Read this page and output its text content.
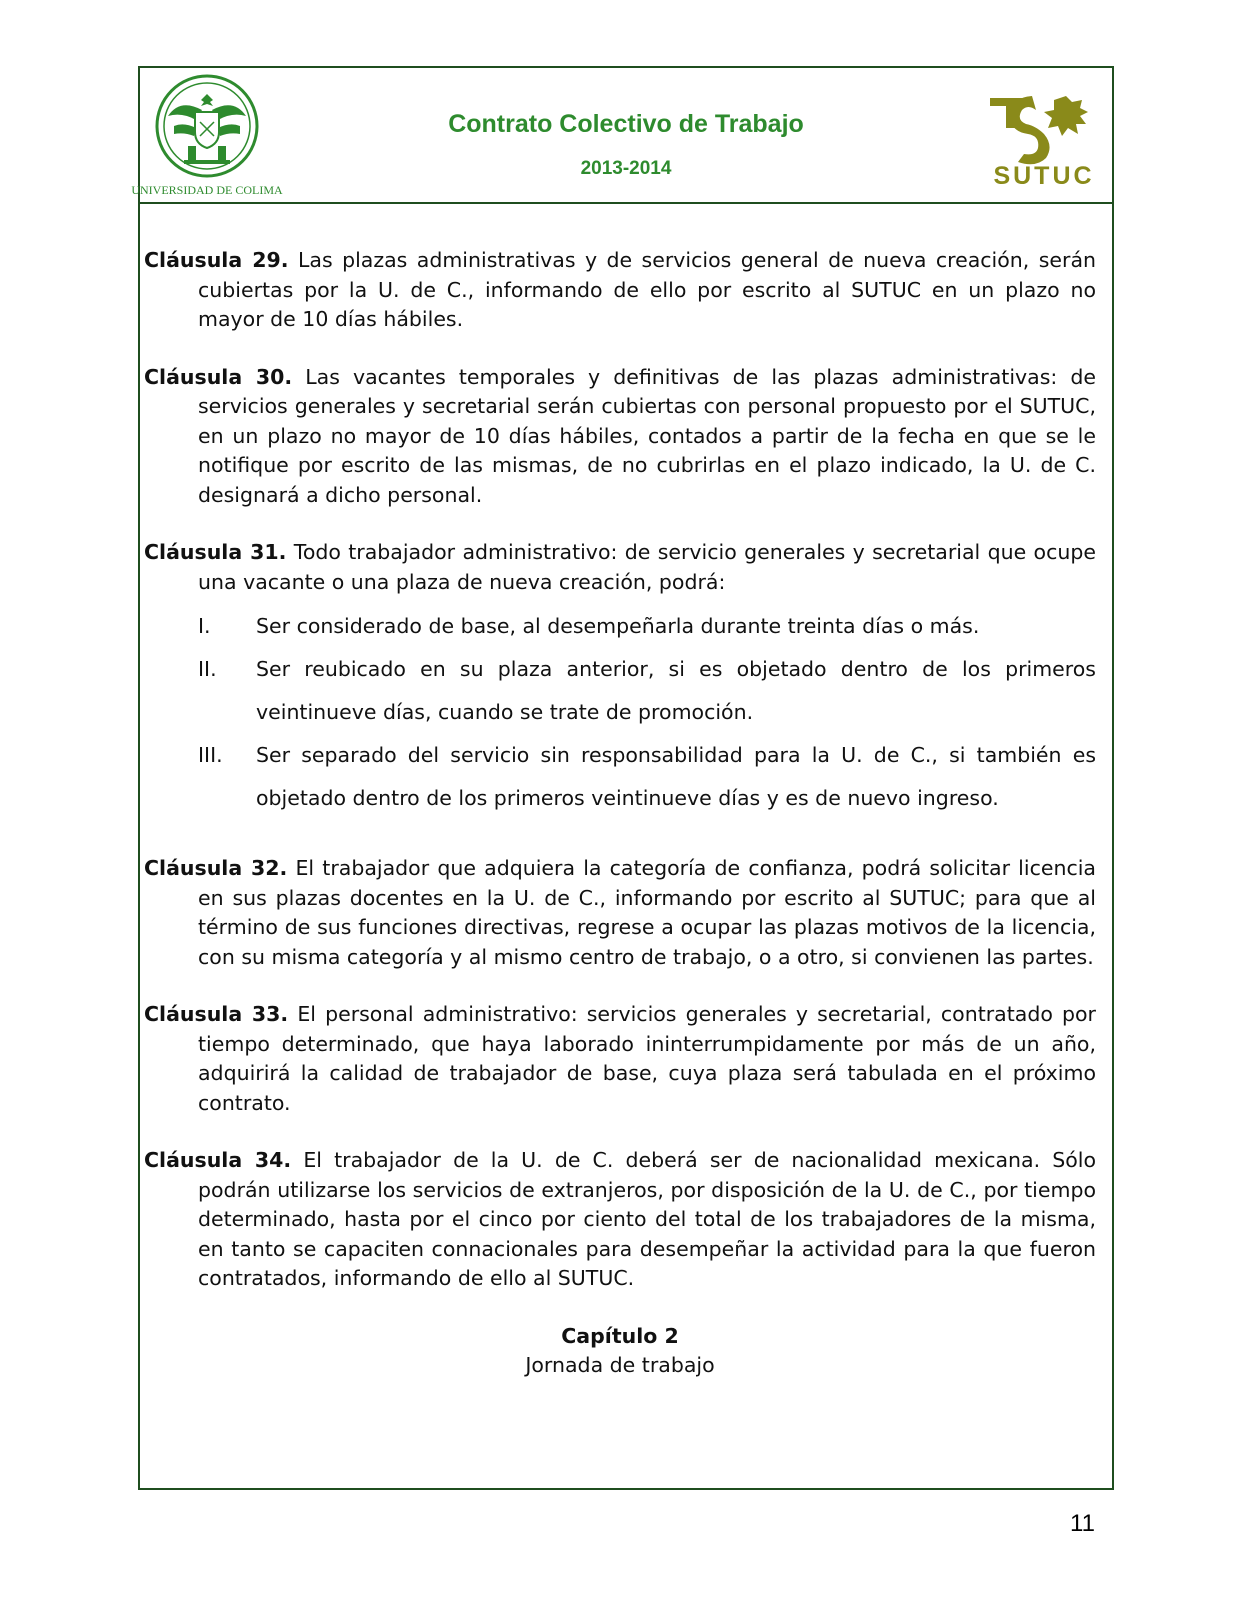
UNIVERSIDAD DE COLIMA
Contrato Colectivo de Trabajo
2013-2014	SUTUC

Cláusula 29. Las plazas administrativas y de servicios general de nueva creación, serán cubiertas por la U. de C., informando de ello por escrito al SUTUC en un plazo no mayor de 10 días hábiles.

Cláusula 30. Las vacantes temporales y definitivas de las plazas administrativas: de servicios generales y secretarial serán cubiertas con personal propuesto por el SUTUC, en un plazo no mayor de 10 días hábiles, contados a partir de la fecha en que se le notifique por escrito de las mismas, de no cubrirlas en el plazo indicado, la U. de C. designará a dicho personal.

Cláusula 31. Todo trabajador administrativo: de servicio generales y secretarial que ocupe una vacante o una plaza de nueva creación, podrá:

I. Ser considerado de base, al desempeñarla durante treinta días o más.
II. Ser reubicado en su plaza anterior, si es objetado dentro de los primeros veintinueve días, cuando se trate de promoción.
III. Ser separado del servicio sin responsabilidad para la U. de C., si también es objetado dentro de los primeros veintinueve días y es de nuevo ingreso.

Cláusula 32. El trabajador que adquiera la categoría de confianza, podrá solicitar licencia en sus plazas docentes en la U. de C., informando por escrito al SUTUC; para que al término de sus funciones directivas, regrese a ocupar las plazas motivos de la licencia, con su misma categoría y al mismo centro de trabajo, o a otro, si convienen las partes.

Cláusula 33. El personal administrativo: servicios generales y secretarial, contratado por tiempo determinado, que haya laborado ininterrumpidamente por más de un año, adquirirá la calidad de trabajador de base, cuya plaza será tabulada en el próximo contrato.

Cláusula 34. El trabajador de la U. de C. deberá ser de nacionalidad mexicana. Sólo podrán utilizarse los servicios de extranjeros, por disposición de la U. de C., por tiempo determinado, hasta por el cinco por ciento del total de los trabajadores de la misma, en tanto se capaciten connacionales para desempeñar la actividad para la que fueron contratados, informando de ello al SUTUC.

Capítulo 2
Jornada de trabajo
11
